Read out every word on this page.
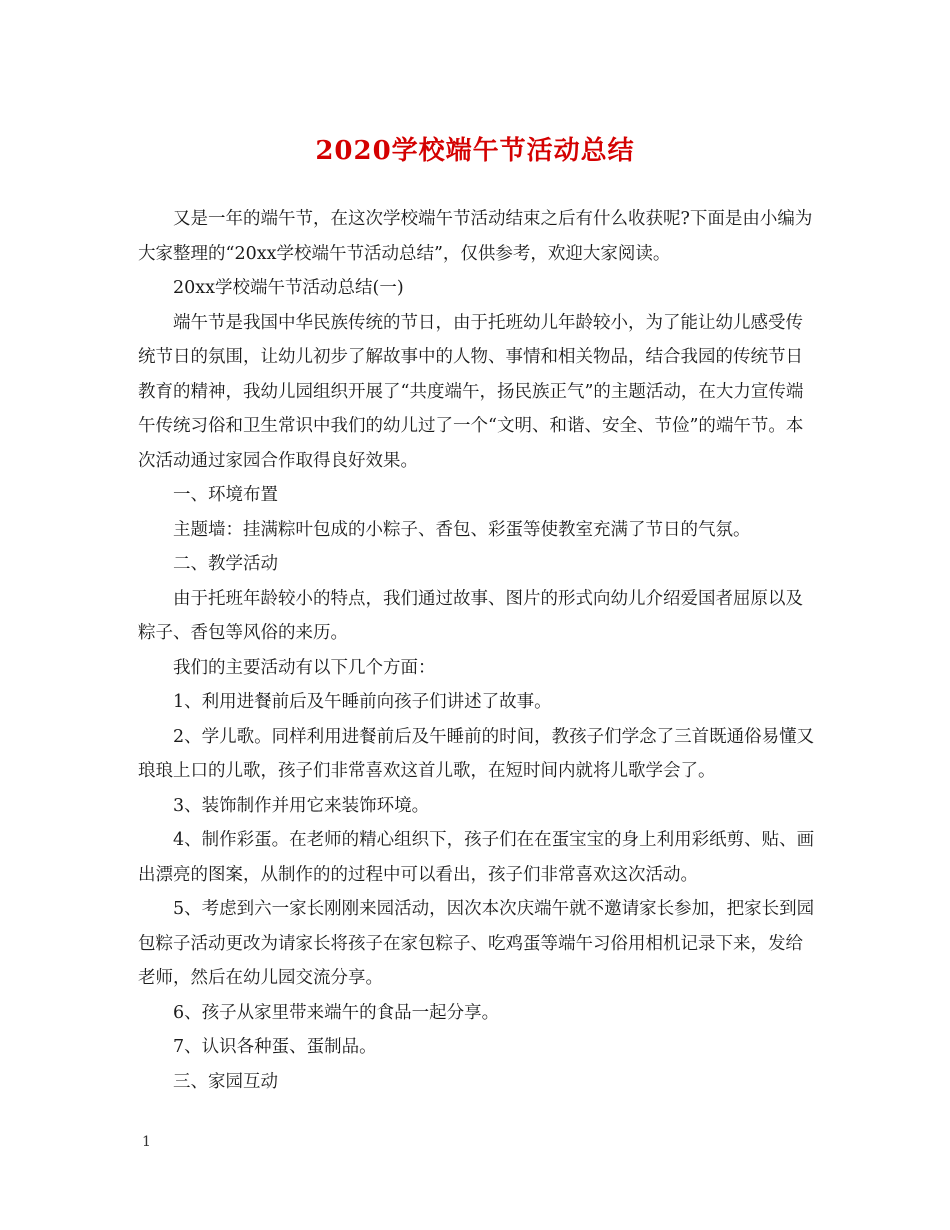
2020学校端午节活动总结

又是一年的端午节，在这次学校端午节活动结束之后有什么收获呢?下面是由小编为大家整理的“20xx学校端午节活动总结”，仅供参考，欢迎大家阅读。

20xx学校端午节活动总结(一)

端午节是我国中华民族传统的节日，由于托班幼儿年龄较小，为了能让幼儿感受传统节日的氛围，让幼儿初步了解故事中的人物、事情和相关物品，结合我园的传统节日教育的精神，我幼儿园组织开展了“共度端午，扬民族正气”的主题活动，在大力宣传端午传统习俗和卫生常识中我们的幼儿过了一个“文明、和谐、安全、节俭”的端午节。本次活动通过家园合作取得良好效果。

一、环境布置

主题墙：挂满粽叶包成的小粽子、香包、彩蛋等使教室充满了节日的气氛。

二、教学活动

由于托班年龄较小的特点，我们通过故事、图片的形式向幼儿介绍爱国者屈原以及粽子、香包等风俗的来历。

我们的主要活动有以下几个方面：

1、利用进餐前后及午睡前向孩子们讲述了故事。

2、学儿歌。同样利用进餐前后及午睡前的时间，教孩子们学念了三首既通俗易懂又琅琅上口的儿歌，孩子们非常喜欢这首儿歌，在短时间内就将儿歌学会了。

3、装饰制作并用它来装饰环境。

4、制作彩蛋。在老师的精心组织下，孩子们在在蛋宝宝的身上利用彩纸剪、贴、画出漂亮的图案，从制作的的过程中可以看出，孩子们非常喜欢这次活动。

5、考虑到六一家长刚刚来园活动，因次本次庆端午就不邀请家长参加，把家长到园包粽子活动更改为请家长将孩子在家包粽子、吃鸡蛋等端午习俗用相机记录下来，发给老师，然后在幼儿园交流分享。

6、孩子从家里带来端午的食品一起分享。

7、认识各种蛋、蛋制品。

三、家园互动

1
